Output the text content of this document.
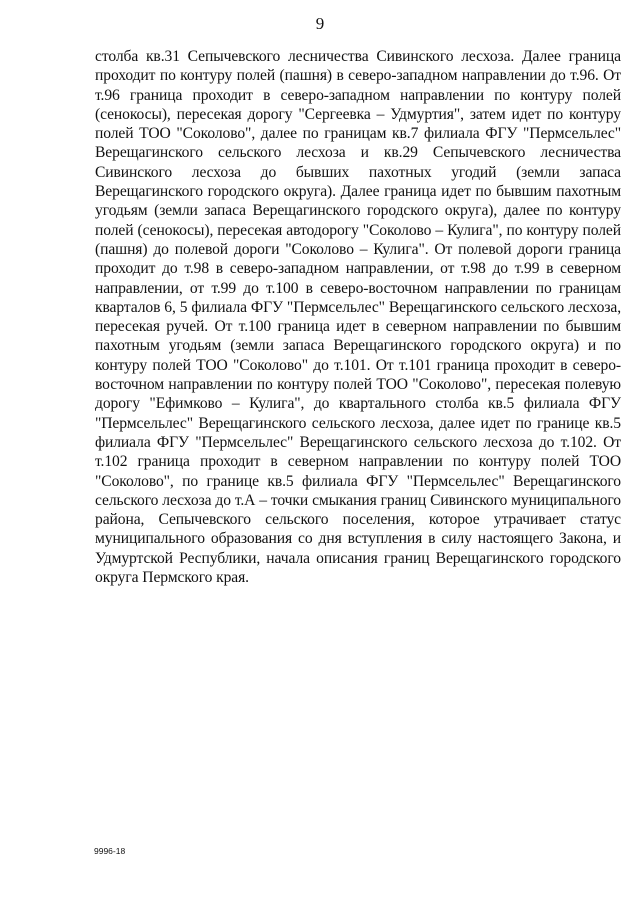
9

столба кв.31 Сепычевского лесничества Сивинского лесхоза. Далее граница проходит по контуру полей (пашня) в северо-западном направлении до т.96. От т.96 граница проходит в северо-западном направлении по контуру полей (сенокосы), пересекая дорогу "Сергеевка – Удмуртия", затем идет по контуру полей ТОО "Соколово", далее по границам кв.7 филиала ФГУ "Пермсельлес" Верещагинского сельского лесхоза и кв.29 Сепычевского лесничества Сивинского лесхоза до бывших пахотных угодий (земли запаса Верещагинского городского округа). Далее граница идет по бывшим пахотным угодьям (земли запаса Верещагинского городского округа), далее по контуру полей (сенокосы), пересекая автодорогу "Соколово – Кулига", по контуру полей (пашня) до полевой дороги "Соколово – Кулига". От полевой дороги граница проходит до т.98 в северо-западном направлении, от т.98 до т.99 в северном направлении, от т.99 до т.100 в северо-восточном направлении по границам кварталов 6, 5 филиала ФГУ "Пермсельлес" Верещагинского сельского лесхоза, пересекая ручей. От т.100 граница идет в северном направлении по бывшим пахотным угодьям (земли запаса Верещагинского городского округа) и по контуру полей ТОО "Соколово" до т.101. От т.101 граница проходит в северо-восточном направлении по контуру полей ТОО "Соколово", пересекая полевую дорогу "Ефимково – Кулига", до квартального столба кв.5 филиала ФГУ "Пермсельлес" Верещагинского сельского лесхоза, далее идет по границе кв.5 филиала ФГУ "Пермсельлес" Верещагинского сельского лесхоза до т.102. От т.102 граница проходит в северном направлении по контуру полей ТОО "Соколово", по границе кв.5 филиала ФГУ "Пермсельлес" Верещагинского сельского лесхоза до т.А – точки смыкания границ Сивинского муниципального района, Сепычевского сельского поселения, которое утрачивает статус муниципального образования со дня вступления в силу настоящего Закона, и Удмуртской Республики, начала описания границ Верещагинского городского округа Пермского края.

9996-18
